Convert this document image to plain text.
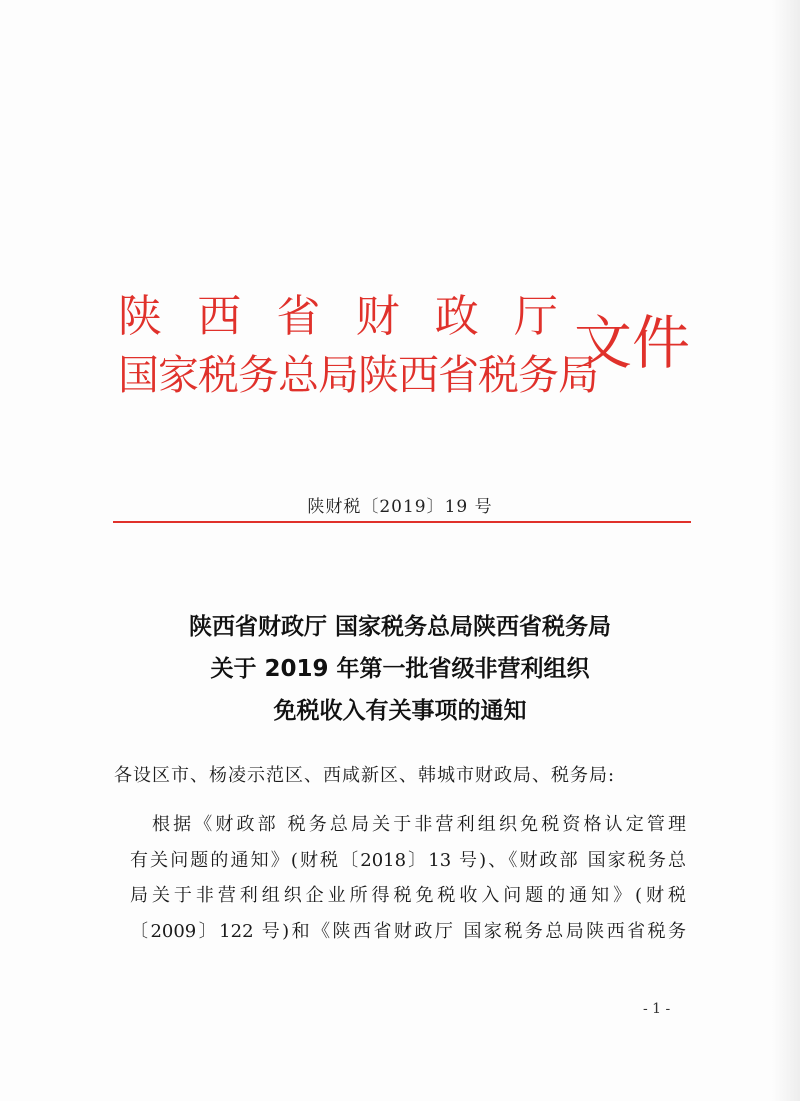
陕 西 省 财 政 厅
国家税务总局陕西省税务局
文件
陕财税〔2019〕19 号
陕西省财政厅 国家税务总局陕西省税务局
关于 2019 年第一批省级非营利组织
免税收入有关事项的通知
各设区市、杨凌示范区、西咸新区、韩城市财政局、税务局:
根据《财政部 税务总局关于非营利组织免税资格认定管理
有关问题的通知》(财税〔2018〕13 号)、《财政部 国家税务总
局关于非营利组织企业所得税免税收入问题的通知》(财税
〔2009〕122 号)和《陕西省财政厅 国家税务总局陕西省税务
- 1 -
